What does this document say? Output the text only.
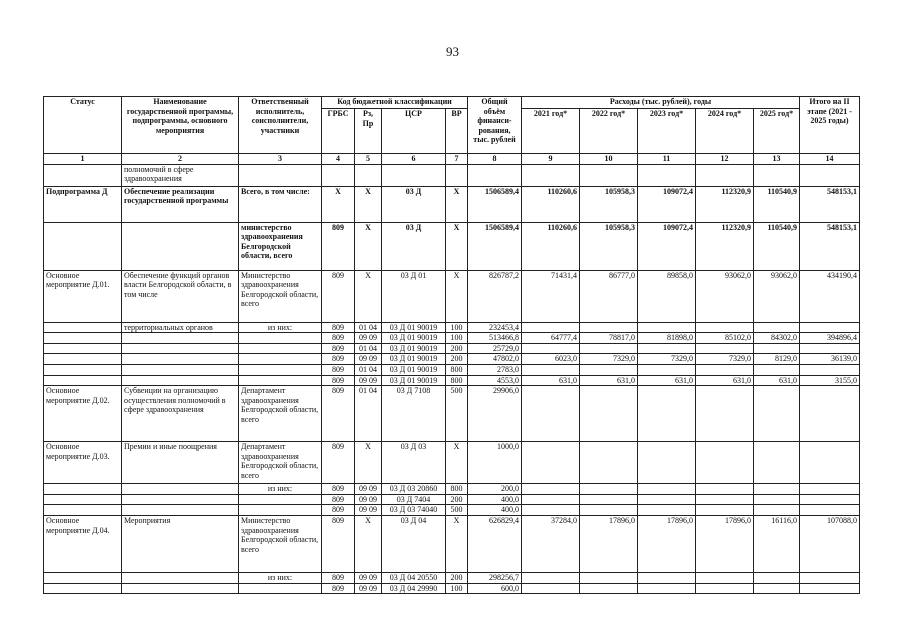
93
Статус	Наименование государственной программы, подпрограммы, основного мероприятия	Ответственный исполнитель, соисполнители, участники	Код бюджетной классификации				Общий объём финанси-рования, тыс. рублей	Расходы (тыс. рублей), годы					Итого на II этапе (2021 - 2025 годы)
			ГРБС	Рз, Пр	ЦСР	ВР		2021 год*	2022 год*	2023 год*	2024 год*	2025 год*	
1	2	3	4	5	6	7	8	9	10	11	12	13	14
	полномочий в сфере здравоохранения												
Подпрограмма Д	Обеспечение реализации государственной программы	Всего, в том числе:	Х	Х	03 Д	Х	1506589,4	110260,6	105958,3	109072,4	112320,9	110540,9	548153,1
		министерство здравоохранения Белгородской области, всего	809	Х	03 Д	Х	1506589,4	110260,6	105958,3	109072,4	112320,9	110540,9	548153,1
Основное мероприятие Д.01.	Обеспечение функций органов власти Белгородской области, в том числе	Министерство здравоохранения Белгородской области, всего	809	Х	03 Д 01	Х	826787,2	71431,4	86777,0	89858,0	93062,0	93062,0	434190,4
	территориальных органов	из них:	809	01 04	03 Д 01 90019	100	232453,4						
			809	09 09	03 Д 01 90019	100	513466,8	64777,4	78817,0	81898,0	85102,0	84302,0	394896,4
			809	01 04	03 Д 01 90019	200	25729,0						
			809	09 09	03 Д 01 90019	200	47802,0	6023,0	7329,0	7329,0	7329,0	8129,0	36139,0
			809	01 04	03 Д 01 90019	800	2783,0						
			809	09 09	03 Д 01 90019	800	4553,0	631,0	631,0	631,0	631,0	631,0	3155,0
Основное мероприятие Д.02.	Субвенции на организацию осуществления полномочий в сфере здравоохранения	Департамент здравоохранения Белгородской области, всего	809	01 04	03 Д 7108	500	29906,0						
Основное мероприятие Д.03.	Премии и иные поощрения	Департамент здравоохранения Белгородской области, всего	809	Х	03 Д 03	Х	1000,0						
		из них:	809	09 09	03 Д 03 20860	800	200,0						
			809	09 09	03 Д 7404	200	400,0						
			809	09 09	03 Д 03 74040	500	400,0						
Основное мероприятие Д.04.	Мероприятия	Министерство здравоохранения Белгородской области, всего	809	Х	03 Д 04	Х	626829,4	37284,0	17896,0	17896,0	17896,0	16116,0	107088,0
		из них:	809	09 09	03 Д 04 20550	200	298256,7						
			809	09 09	03 Д 04 29990	100	600,0						
